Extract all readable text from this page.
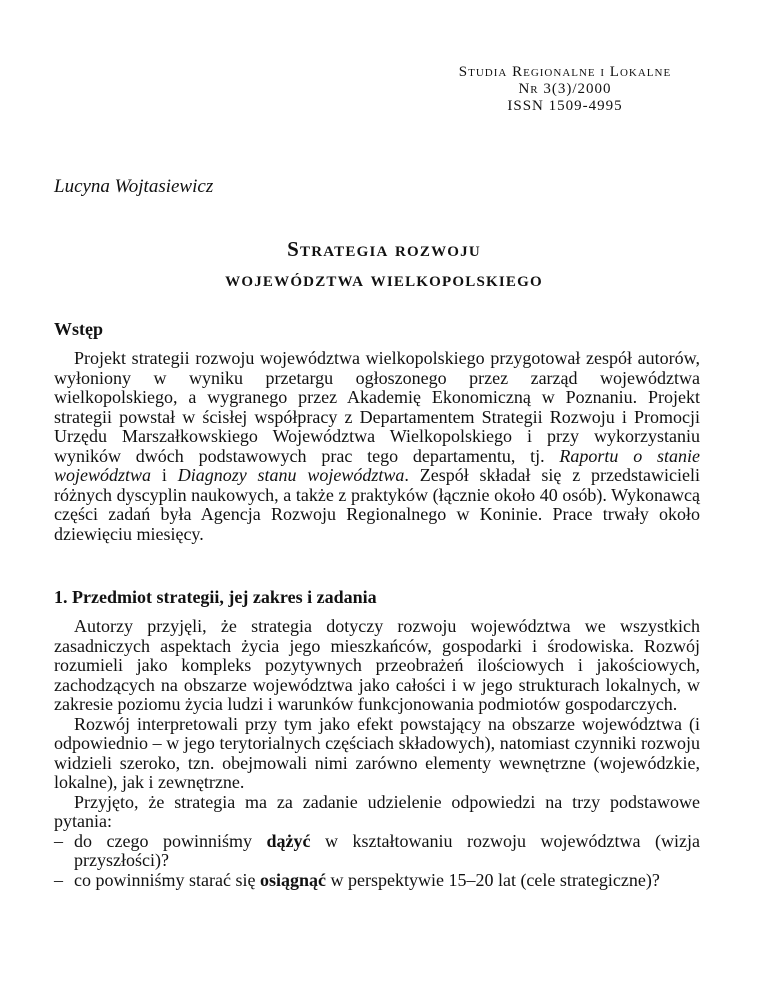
Studia Regionalne i Lokalne
Nr 3(3)/2000
ISSN 1509-4995
Lucyna Wojtasiewicz
Strategia rozwoju
województwa wielkopolskiego
Wstęp

Projekt strategii rozwoju województwa wielkopolskiego przygotował zespół autorów, wyłoniony w wyniku przetargu ogłoszonego przez zarząd województwa wielkopolskiego, a wygranego przez Akademię Ekonomiczną w Poznaniu. Projekt strategii powstał w ścisłej współpracy z Departamentem Strategii Rozwoju i Promocji Urzędu Marszałkowskiego Województwa Wielkopolskiego i przy wykorzystaniu wyników dwóch podstawowych prac tego departamentu, tj. Raportu o stanie województwa i Diagnozy stanu województwa. Zespół składał się z przedstawicieli różnych dyscyplin naukowych, a także z praktyków (łącznie około 40 osób). Wykonawcą części zadań była Agencja Rozwoju Regionalnego w Koninie. Prace trwały około dziewięciu miesięcy.

1. Przedmiot strategii, jej zakres i zadania

Autorzy przyjęli, że strategia dotyczy rozwoju województwa we wszystkich zasadniczych aspektach życia jego mieszkańców, gospodarki i środowiska. Rozwój rozumieli jako kompleks pozytywnych przeobrażeń ilościowych i jakościowych, zachodzących na obszarze województwa jako całości i w jego strukturach lokalnych, w zakresie poziomu życia ludzi i warunków funkcjonowania podmiotów gospodarczych.

Rozwój interpretowali przy tym jako efekt powstający na obszarze województwa (i odpowiednio – w jego terytorialnych częściach składowych), natomiast czynniki rozwoju widzieli szeroko, tzn. obejmowali nimi zarówno elementy wewnętrzne (wojewódzkie, lokalne), jak i zewnętrzne.

Przyjęto, że strategia ma za zadanie udzielenie odpowiedzi na trzy podstawowe pytania:

– do czego powinniśmy dążyć w kształtowaniu rozwoju województwa (wizja przyszłości)?
– co powinniśmy starać się osiągnąć w perspektywie 15–20 lat (cele strategiczne)?
